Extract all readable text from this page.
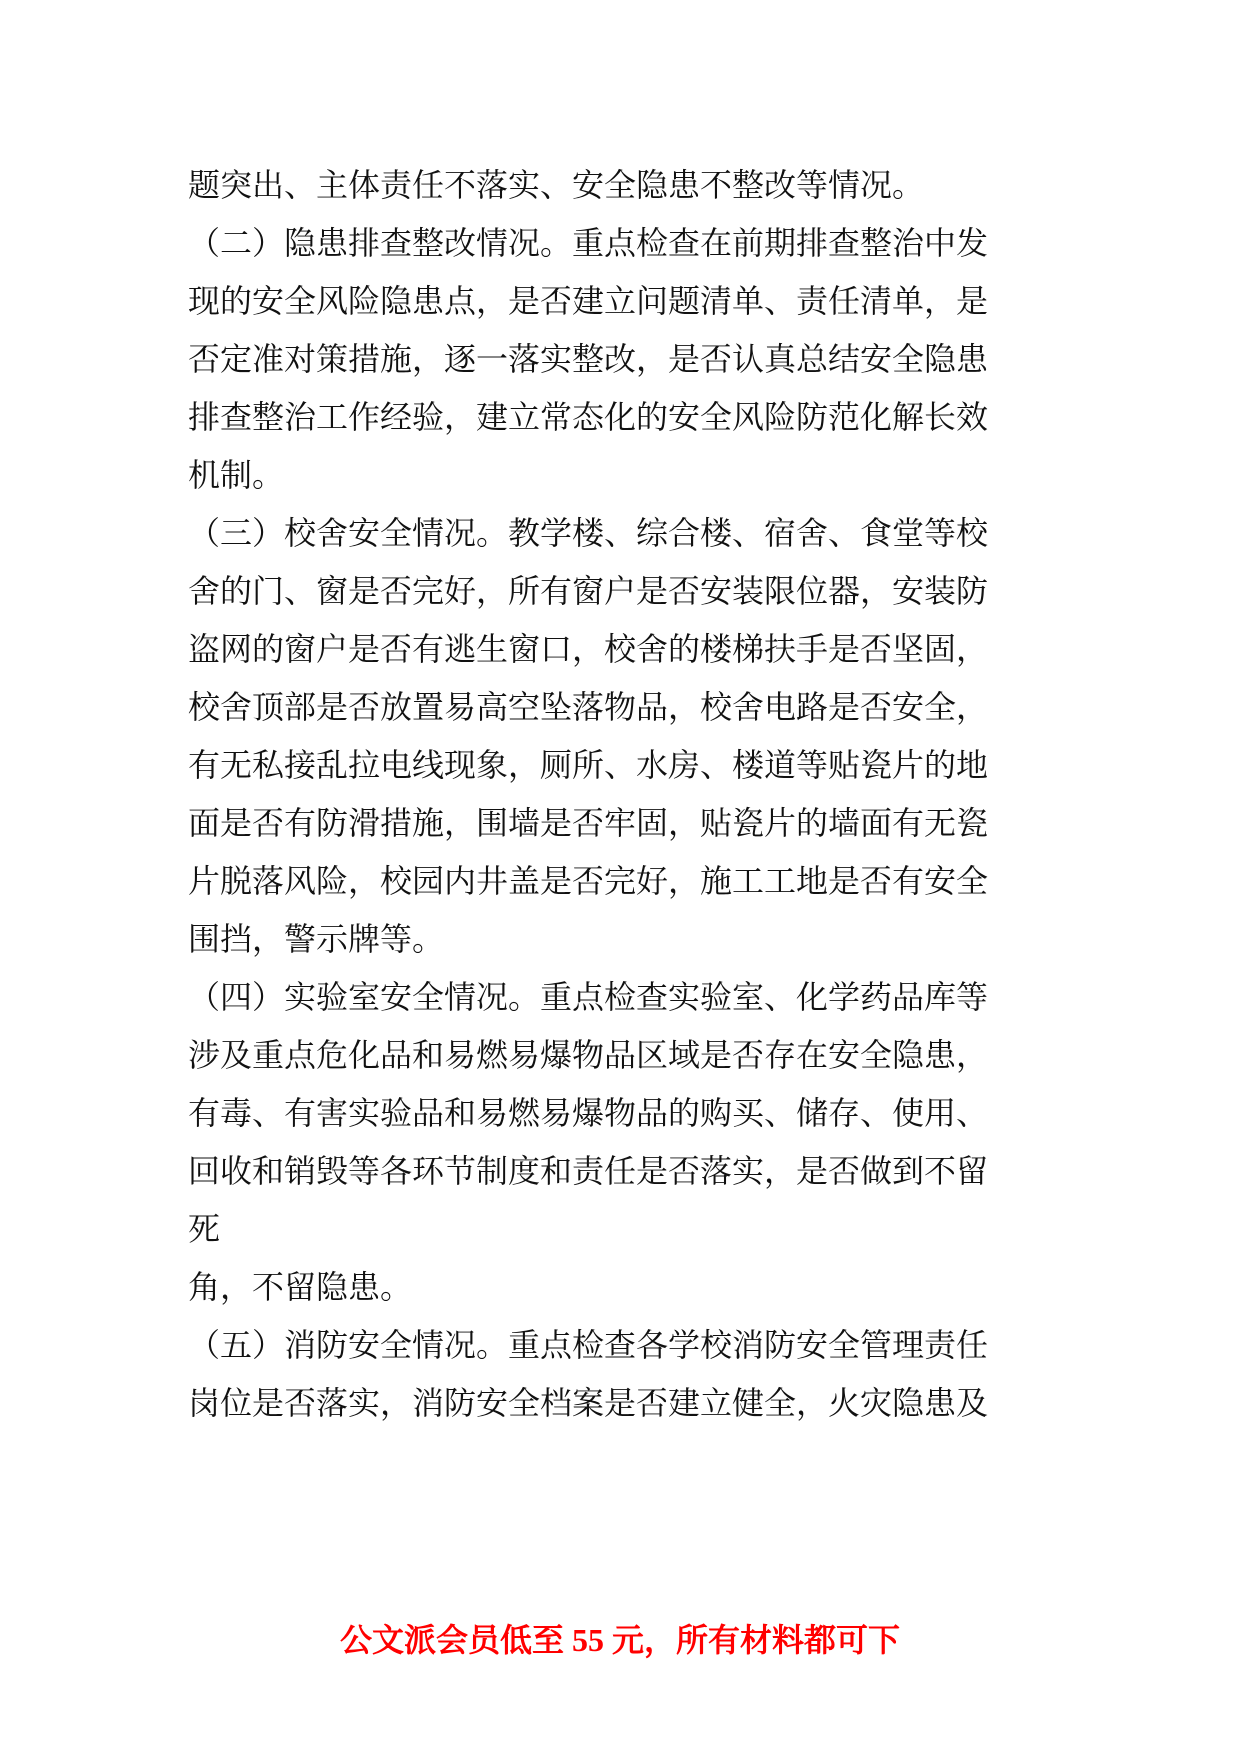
题突出、主体责任不落实、安全隐患不整改等情况。
（二）隐患排查整改情况。重点检查在前期排查整治中发
现的安全风险隐患点，是否建立问题清单、责任清单，是
否定准对策措施，逐一落实整改，是否认真总结安全隐患
排查整治工作经验，建立常态化的安全风险防范化解长效
机制。
（三）校舍安全情况。教学楼、综合楼、宿舍、食堂等校
舍的门、窗是否完好，所有窗户是否安装限位器，安装防
盗网的窗户是否有逃生窗口，校舍的楼梯扶手是否坚固，
校舍顶部是否放置易高空坠落物品，校舍电路是否安全，
有无私接乱拉电线现象，厕所、水房、楼道等贴瓷片的地
面是否有防滑措施，围墙是否牢固，贴瓷片的墙面有无瓷
片脱落风险，校园内井盖是否完好，施工工地是否有安全
围挡，警示牌等。
（四）实验室安全情况。重点检查实验室、化学药品库等
涉及重点危化品和易燃易爆物品区域是否存在安全隐患，
有毒、有害实验品和易燃易爆物品的购买、储存、使用、
回收和销毁等各环节制度和责任是否落实，是否做到不留
死
角，不留隐患。
（五）消防安全情况。重点检查各学校消防安全管理责任
岗位是否落实，消防安全档案是否建立健全，火灾隐患及
公文派会员低至 55 元，所有材料都可下
